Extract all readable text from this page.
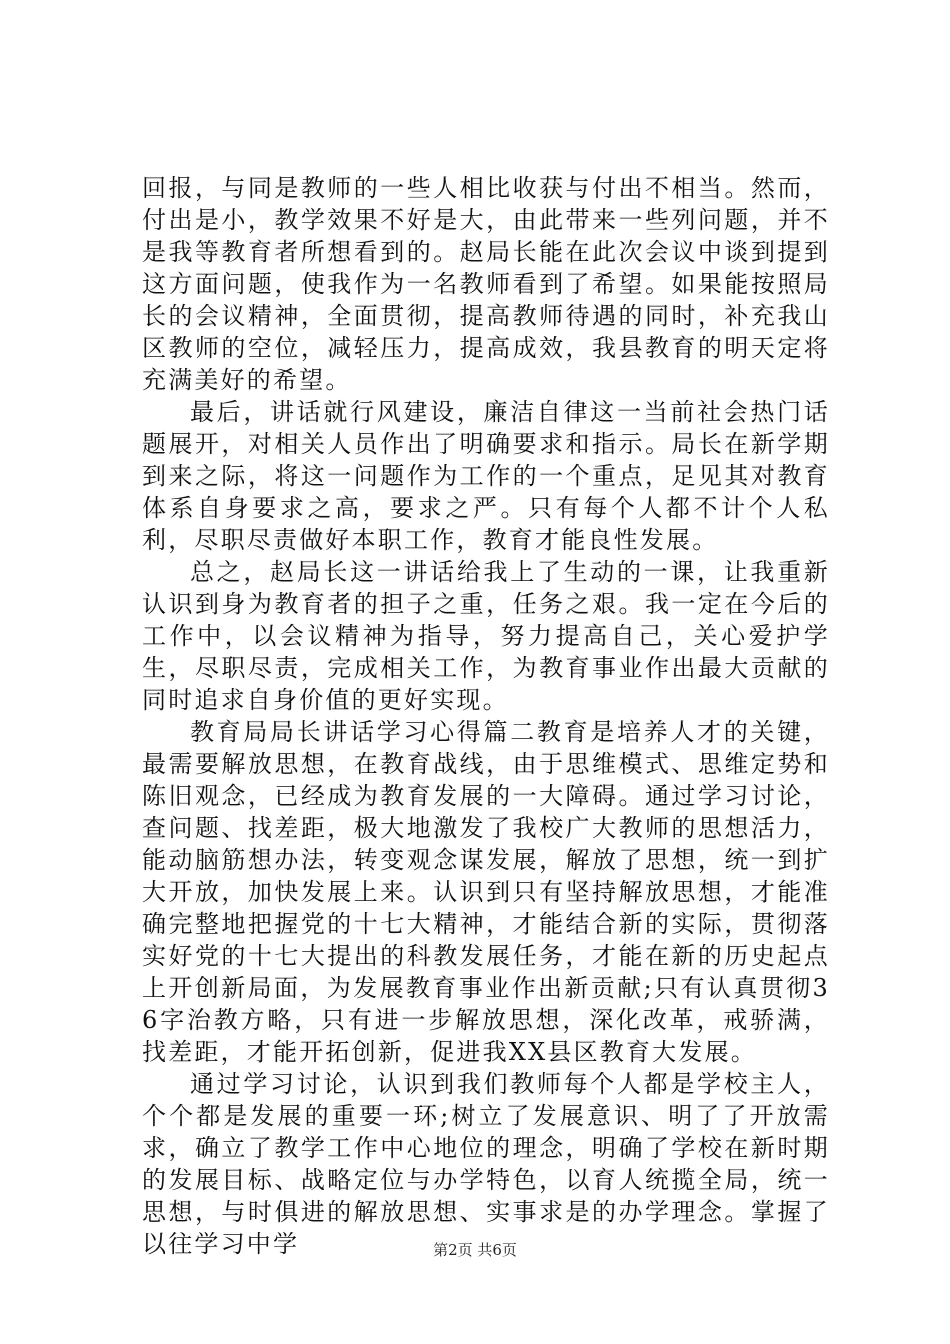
回报，与同是教师的一些人相比收获与付出不相当。然而，付出是小，教学效果不好是大，由此带来一些列问题，并不是我等教育者所想看到的。赵局长能在此次会议中谈到提到这方面问题，使我作为一名教师看到了希望。如果能按照局长的会议精神，全面贯彻，提高教师待遇的同时，补充我山区教师的空位，减轻压力，提高成效，我县教育的明天定将充满美好的希望。

最后，讲话就行风建设，廉洁自律这一当前社会热门话题展开，对相关人员作出了明确要求和指示。局长在新学期到来之际，将这一问题作为工作的一个重点，足见其对教育体系自身要求之高，要求之严。只有每个人都不计个人私利，尽职尽责做好本职工作，教育才能良性发展。

总之，赵局长这一讲话给我上了生动的一课，让我重新认识到身为教育者的担子之重，任务之艰。我一定在今后的工作中，以会议精神为指导，努力提高自己，关心爱护学生，尽职尽责，完成相关工作，为教育事业作出最大贡献的同时追求自身价值的更好实现。

教育局局长讲话学习心得篇二教育是培养人才的关键，最需要解放思想，在教育战线，由于思维模式、思维定势和陈旧观念，已经成为教育发展的一大障碍。通过学习讨论，查问题、找差距，极大地激发了我校广大教师的思想活力，能动脑筋想办法，转变观念谋发展，解放了思想，统一到扩大开放，加快发展上来。认识到只有坚持解放思想，才能准确完整地把握党的十七大精神，才能结合新的实际，贯彻落实好党的十七大提出的科教发展任务，才能在新的历史起点上开创新局面，为发展教育事业作出新贡献;只有认真贯彻36字治教方略，只有进一步解放思想，深化改革，戒骄满，找差距，才能开拓创新，促进我XX县区教育大发展。

通过学习讨论，认识到我们教师每个人都是学校主人，个个都是发展的重要一环;树立了发展意识、明了了开放需求，确立了教学工作中心地位的理念，明确了学校在新时期的发展目标、战略定位与办学特色，以育人统揽全局，统一思想，与时俱进的解放思想、实事求是的办学理念。掌握了以往学习中学	第2页 共6页
